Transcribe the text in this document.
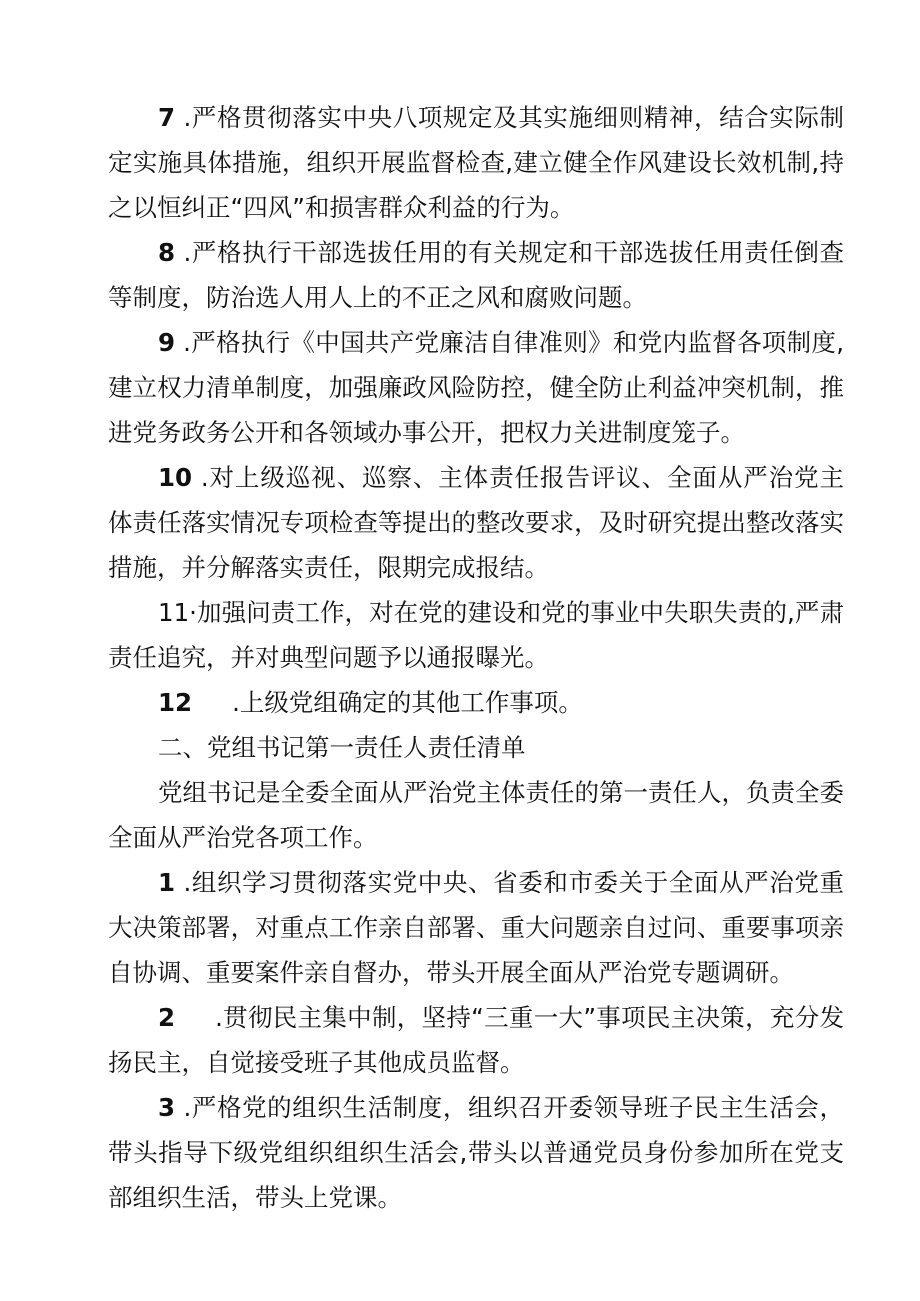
7 .严格贯彻落实中央八项规定及其实施细则精神，结合实际制定实施具体措施，组织开展监督检查,建立健全作风建设长效机制,持之以恒纠正“四风”和损害群众利益的行为。

8 .严格执行干部选拔任用的有关规定和干部选拔任用责任倒查等制度，防治选人用人上的不正之风和腐败问题。

9 .严格执行《中国共产党廉洁自律准则》和党内监督各项制度,建立权力清单制度，加强廉政风险防控，健全防止利益冲突机制，推进党务政务公开和各领域办事公开，把权力关进制度笼子。

10 .对上级巡视、巡察、主体责任报告评议、全面从严治党主体责任落实情况专项检查等提出的整改要求，及时研究提出整改落实措施，并分解落实责任，限期完成报结。

11·加强问责工作，对在党的建设和党的事业中失职失责的,严肃责任追究，并对典型问题予以通报曝光。

12 .上级党组确定的其他工作事项。

二、党组书记第一责任人责任清单

党组书记是全委全面从严治党主体责任的第一责任人，负责全委全面从严治党各项工作。

1 .组织学习贯彻落实党中央、省委和市委关于全面从严治党重大决策部署，对重点工作亲自部署、重大问题亲自过问、重要事项亲自协调、重要案件亲自督办，带头开展全面从严治党专题调研。

2 .贯彻民主集中制，坚持“三重一大”事项民主决策，充分发扬民主，自觉接受班子其他成员监督。

3 .严格党的组织生活制度，组织召开委领导班子民主生活会，带头指导下级党组织组织生活会,带头以普通党员身份参加所在党支部组织生活，带头上党课。
